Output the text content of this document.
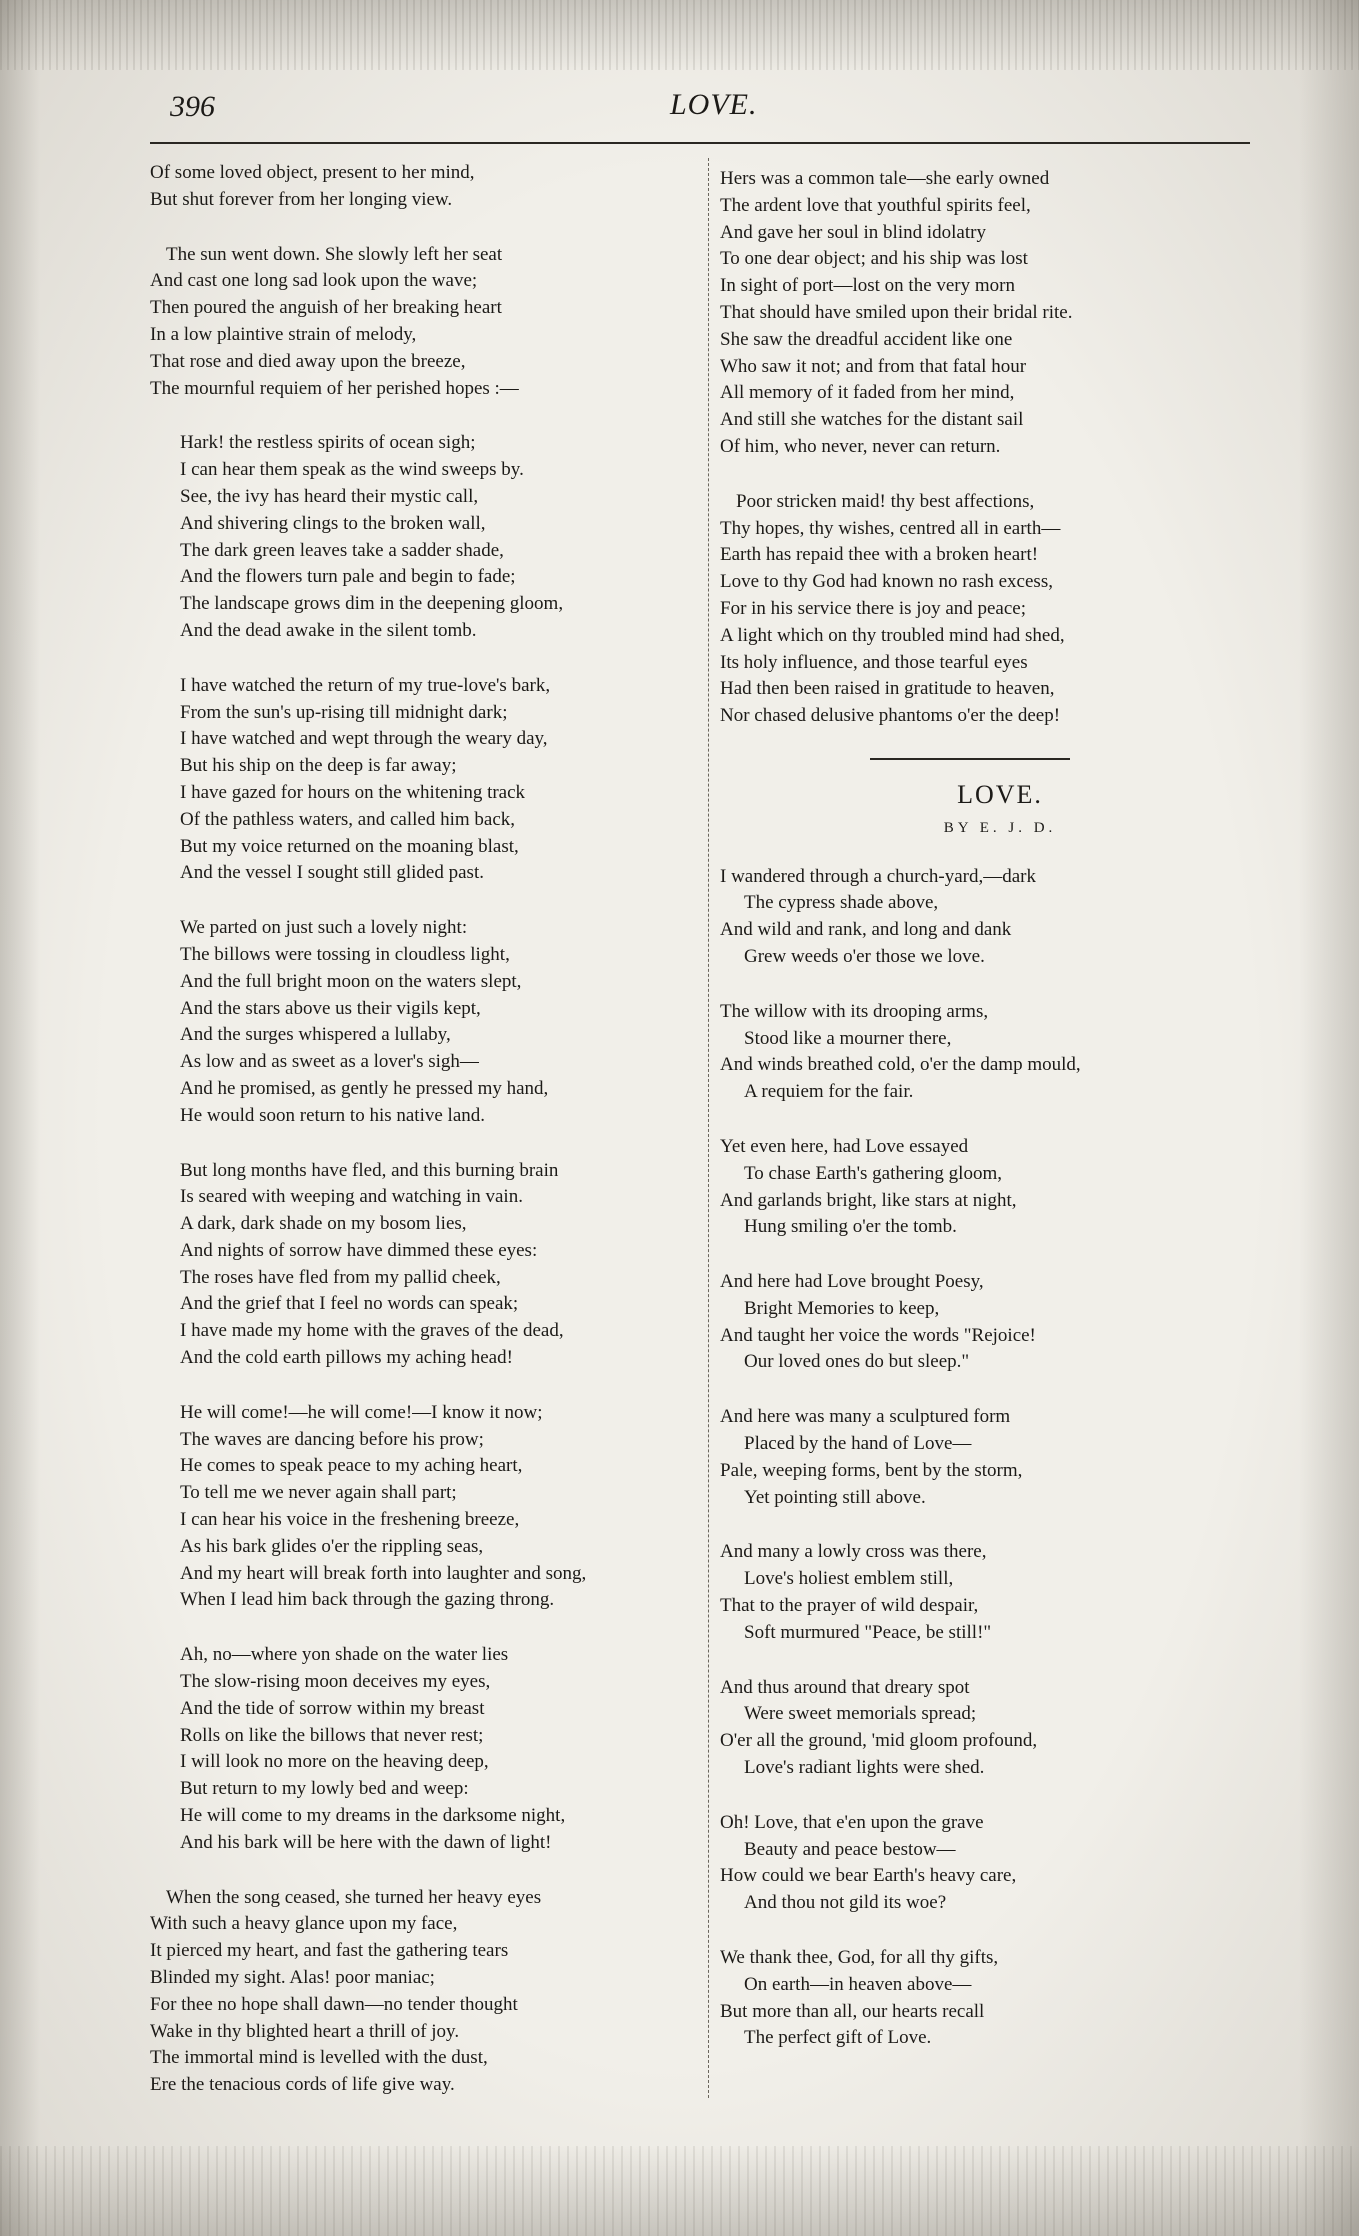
396	LOVE.
Of some loved object, present to her mind,
But shut forever from her longing view.
The sun went down. She slowly left her seat
And cast one long sad look upon the wave;
Then poured the anguish of her breaking heart
In a low plaintive strain of melody,
That rose and died away upon the breeze,
The mournful requiem of her perished hopes :—
Hark! the restless spirits of ocean sigh;
I can hear them speak as the wind sweeps by.
See, the ivy has heard their mystic call,
And shivering clings to the broken wall,
The dark green leaves take a sadder shade,
And the flowers turn pale and begin to fade;
The landscape grows dim in the deepening gloom,
And the dead awake in the silent tomb.
I have watched the return of my true-love's bark,
From the sun's up-rising till midnight dark;
I have watched and wept through the weary day,
But his ship on the deep is far away;
I have gazed for hours on the whitening track
Of the pathless waters, and called him back,
But my voice returned on the moaning blast,
And the vessel I sought still glided past.
We parted on just such a lovely night:
The billows were tossing in cloudless light,
And the full bright moon on the waters slept,
And the stars above us their vigils kept,
And the surges whispered a lullaby,
As low and as sweet as a lover's sigh—
And he promised, as gently he pressed my hand,
He would soon return to his native land.
But long months have fled, and this burning brain
Is seared with weeping and watching in vain.
A dark, dark shade on my bosom lies,
And nights of sorrow have dimmed these eyes:
The roses have fled from my pallid cheek,
And the grief that I feel no words can speak;
I have made my home with the graves of the dead,
And the cold earth pillows my aching head!
He will come!—he will come!—I know it now;
The waves are dancing before his prow;
He comes to speak peace to my aching heart,
To tell me we never again shall part;
I can hear his voice in the freshening breeze,
As his bark glides o'er the rippling seas,
And my heart will break forth into laughter and song,
When I lead him back through the gazing throng.
Ah, no—where yon shade on the water lies
The slow-rising moon deceives my eyes,
And the tide of sorrow within my breast
Rolls on like the billows that never rest;
I will look no more on the heaving deep,
But return to my lowly bed and weep:
He will come to my dreams in the darksome night,
And his bark will be here with the dawn of light!
When the song ceased, she turned her heavy eyes
With such a heavy glance upon my face,
It pierced my heart, and fast the gathering tears
Blinded my sight. Alas! poor maniac;
For thee no hope shall dawn—no tender thought
Wake in thy blighted heart a thrill of joy.
The immortal mind is levelled with the dust,
Ere the tenacious cords of life give way.
Hers was a common tale—she early owned
The ardent love that youthful spirits feel,
And gave her soul in blind idolatry
To one dear object; and his ship was lost
In sight of port—lost on the very morn
That should have smiled upon their bridal rite.
She saw the dreadful accident like one
Who saw it not; and from that fatal hour
All memory of it faded from her mind,
And still she watches for the distant sail
Of him, who never, never can return.
Poor stricken maid! thy best affections,
Thy hopes, thy wishes, centred all in earth—
Earth has repaid thee with a broken heart!
Love to thy God had known no rash excess,
For in his service there is joy and peace;
A light which on thy troubled mind had shed,
Its holy influence, and those tearful eyes
Had then been raised in gratitude to heaven,
Nor chased delusive phantoms o'er the deep!
LOVE.
BY E. J. D.
I wandered through a church-yard,—dark
The cypress shade above,
And wild and rank, and long and dank
Grew weeds o'er those we love.
The willow with its drooping arms,
Stood like a mourner there,
And winds breathed cold, o'er the damp mould,
A requiem for the fair.
Yet even here, had Love essayed
To chase Earth's gathering gloom,
And garlands bright, like stars at night,
Hung smiling o'er the tomb.
And here had Love brought Poesy,
Bright Memories to keep,
And taught her voice the words "Rejoice!
Our loved ones do but sleep."
And here was many a sculptured form
Placed by the hand of Love—
Pale, weeping forms, bent by the storm,
Yet pointing still above.
And many a lowly cross was there,
Love's holiest emblem still,
That to the prayer of wild despair,
Soft murmured "Peace, be still!"
And thus around that dreary spot
Were sweet memorials spread;
O'er all the ground, 'mid gloom profound,
Love's radiant lights were shed.
Oh! Love, that e'en upon the grave
Beauty and peace bestow—
How could we bear Earth's heavy care,
And thou not gild its woe?
We thank thee, God, for all thy gifts,
On earth—in heaven above—
But more than all, our hearts recall
The perfect gift of Love.
